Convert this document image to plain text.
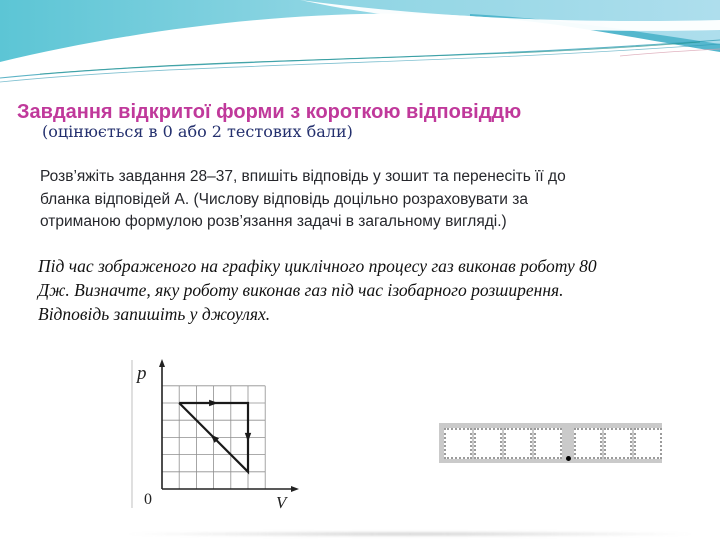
Завдання відкритої форми з короткою відповіддю
(оцінюється в 0 або 2 тестових бали)
Розв’яжіть завдання 28–37, впишіть відповідь у зошит та перенесіть її до
бланка відповідей А. (Числову відповідь доцільно розраховувати за
отриманою формулою розв’язання задачі в загальному вигляді.)
Під час зображеного на графіку циклічного процесу газ виконав роботу 80
Дж. Визначте, яку роботу виконав газ під час ізобарного розширення.
Відповідь запишіть у джоулях.
p
V
0
